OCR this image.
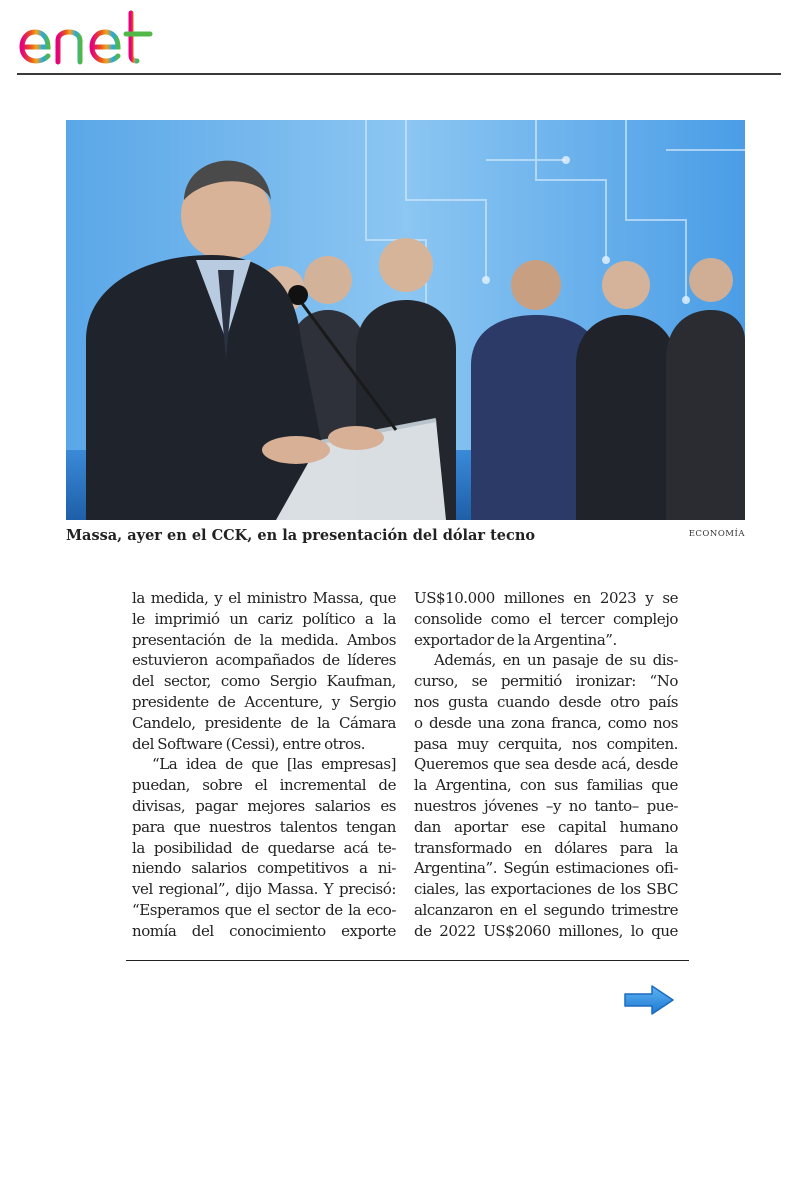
Massa, ayer en el CCK, en la presentación del dólar tecno	ECONOMÍA
la medida, y el ministro Massa, que
le imprimió un cariz político a la
presentación de la medida. Ambos
estuvieron acompañados de líderes
del sector, como Sergio Kaufman,
presidente de Accenture, y Sergio
Candelo, presidente de la Cámara
del Software (Cessi), entre otros.
“La idea de que [las empresas]
puedan, sobre el incremental de
divisas, pagar mejores salarios es
para que nuestros talentos tengan
la posibilidad de quedarse acá te-
niendo salarios competitivos a ni-
vel regional”, dijo Massa. Y precisó:
“Esperamos que el sector de la eco-
nomía del conocimiento exporte
US$10.000 millones en 2023 y se
consolide como el tercer complejo
exportador de la Argentina”.
Además, en un pasaje de su dis-
curso, se permitió ironizar: “No
nos gusta cuando desde otro país
o desde una zona franca, como nos
pasa muy cerquita, nos compiten.
Queremos que sea desde acá, desde
la Argentina, con sus familias que
nuestros jóvenes –y no tanto– pue-
dan aportar ese capital humano
transformado en dólares para la
Argentina”. Según estimaciones ofi-
ciales, las exportaciones de los SBC
alcanzaron en el segundo trimestre
de 2022 US$2060 millones, lo que
